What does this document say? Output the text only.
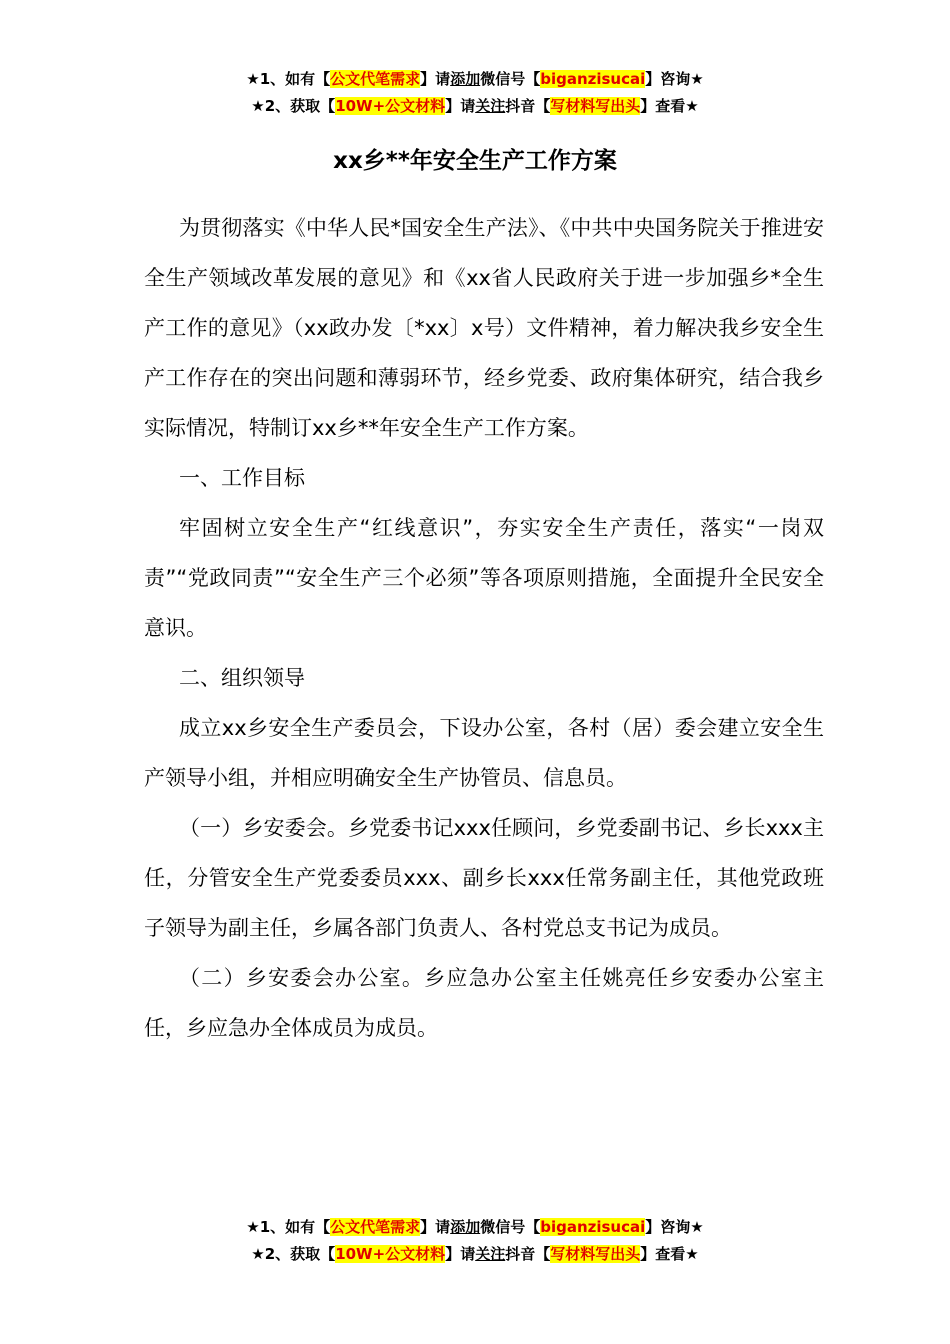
★1、如有【公文代笔需求】请添加微信号【biganzisucai】咨询★
★2、获取【10W+公文材料】请关注抖音【写材料写出头】查看★
xx乡**年安全生产工作方案

为贯彻落实《中华人民*国安全生产法》、《中共中央国务院关于推进安全生产领域改革发展的意见》和《xx省人民政府关于进一步加强乡*全生产工作的意见》（xx政办发〔*xx〕x号）文件精神，着力解决我乡安全生产工作存在的突出问题和薄弱环节，经乡党委、政府集体研究，结合我乡实际情况，特制订xx乡**年安全生产工作方案。

一、工作目标

牢固树立安全生产“红线意识”，夯实安全生产责任，落实“一岗双责”“党政同责”“安全生产三个必须”等各项原则措施，全面提升全民安全意识。

二、组织领导

成立xx乡安全生产委员会，下设办公室，各村（居）委会建立安全生产领导小组，并相应明确安全生产协管员、信息员。

（一）乡安委会。乡党委书记xxx任顾问，乡党委副书记、乡长xxx主任，分管安全生产党委委员xxx、副乡长xxx任常务副主任，其他党政班子领导为副主任，乡属各部门负责人、各村党总支书记为成员。

（二）乡安委会办公室。乡应急办公室主任姚亮任乡安委办公室主任，乡应急办全体成员为成员。

★1、如有【公文代笔需求】请添加微信号【biganzisucai】咨询★
★2、获取【10W+公文材料】请关注抖音【写材料写出头】查看★
